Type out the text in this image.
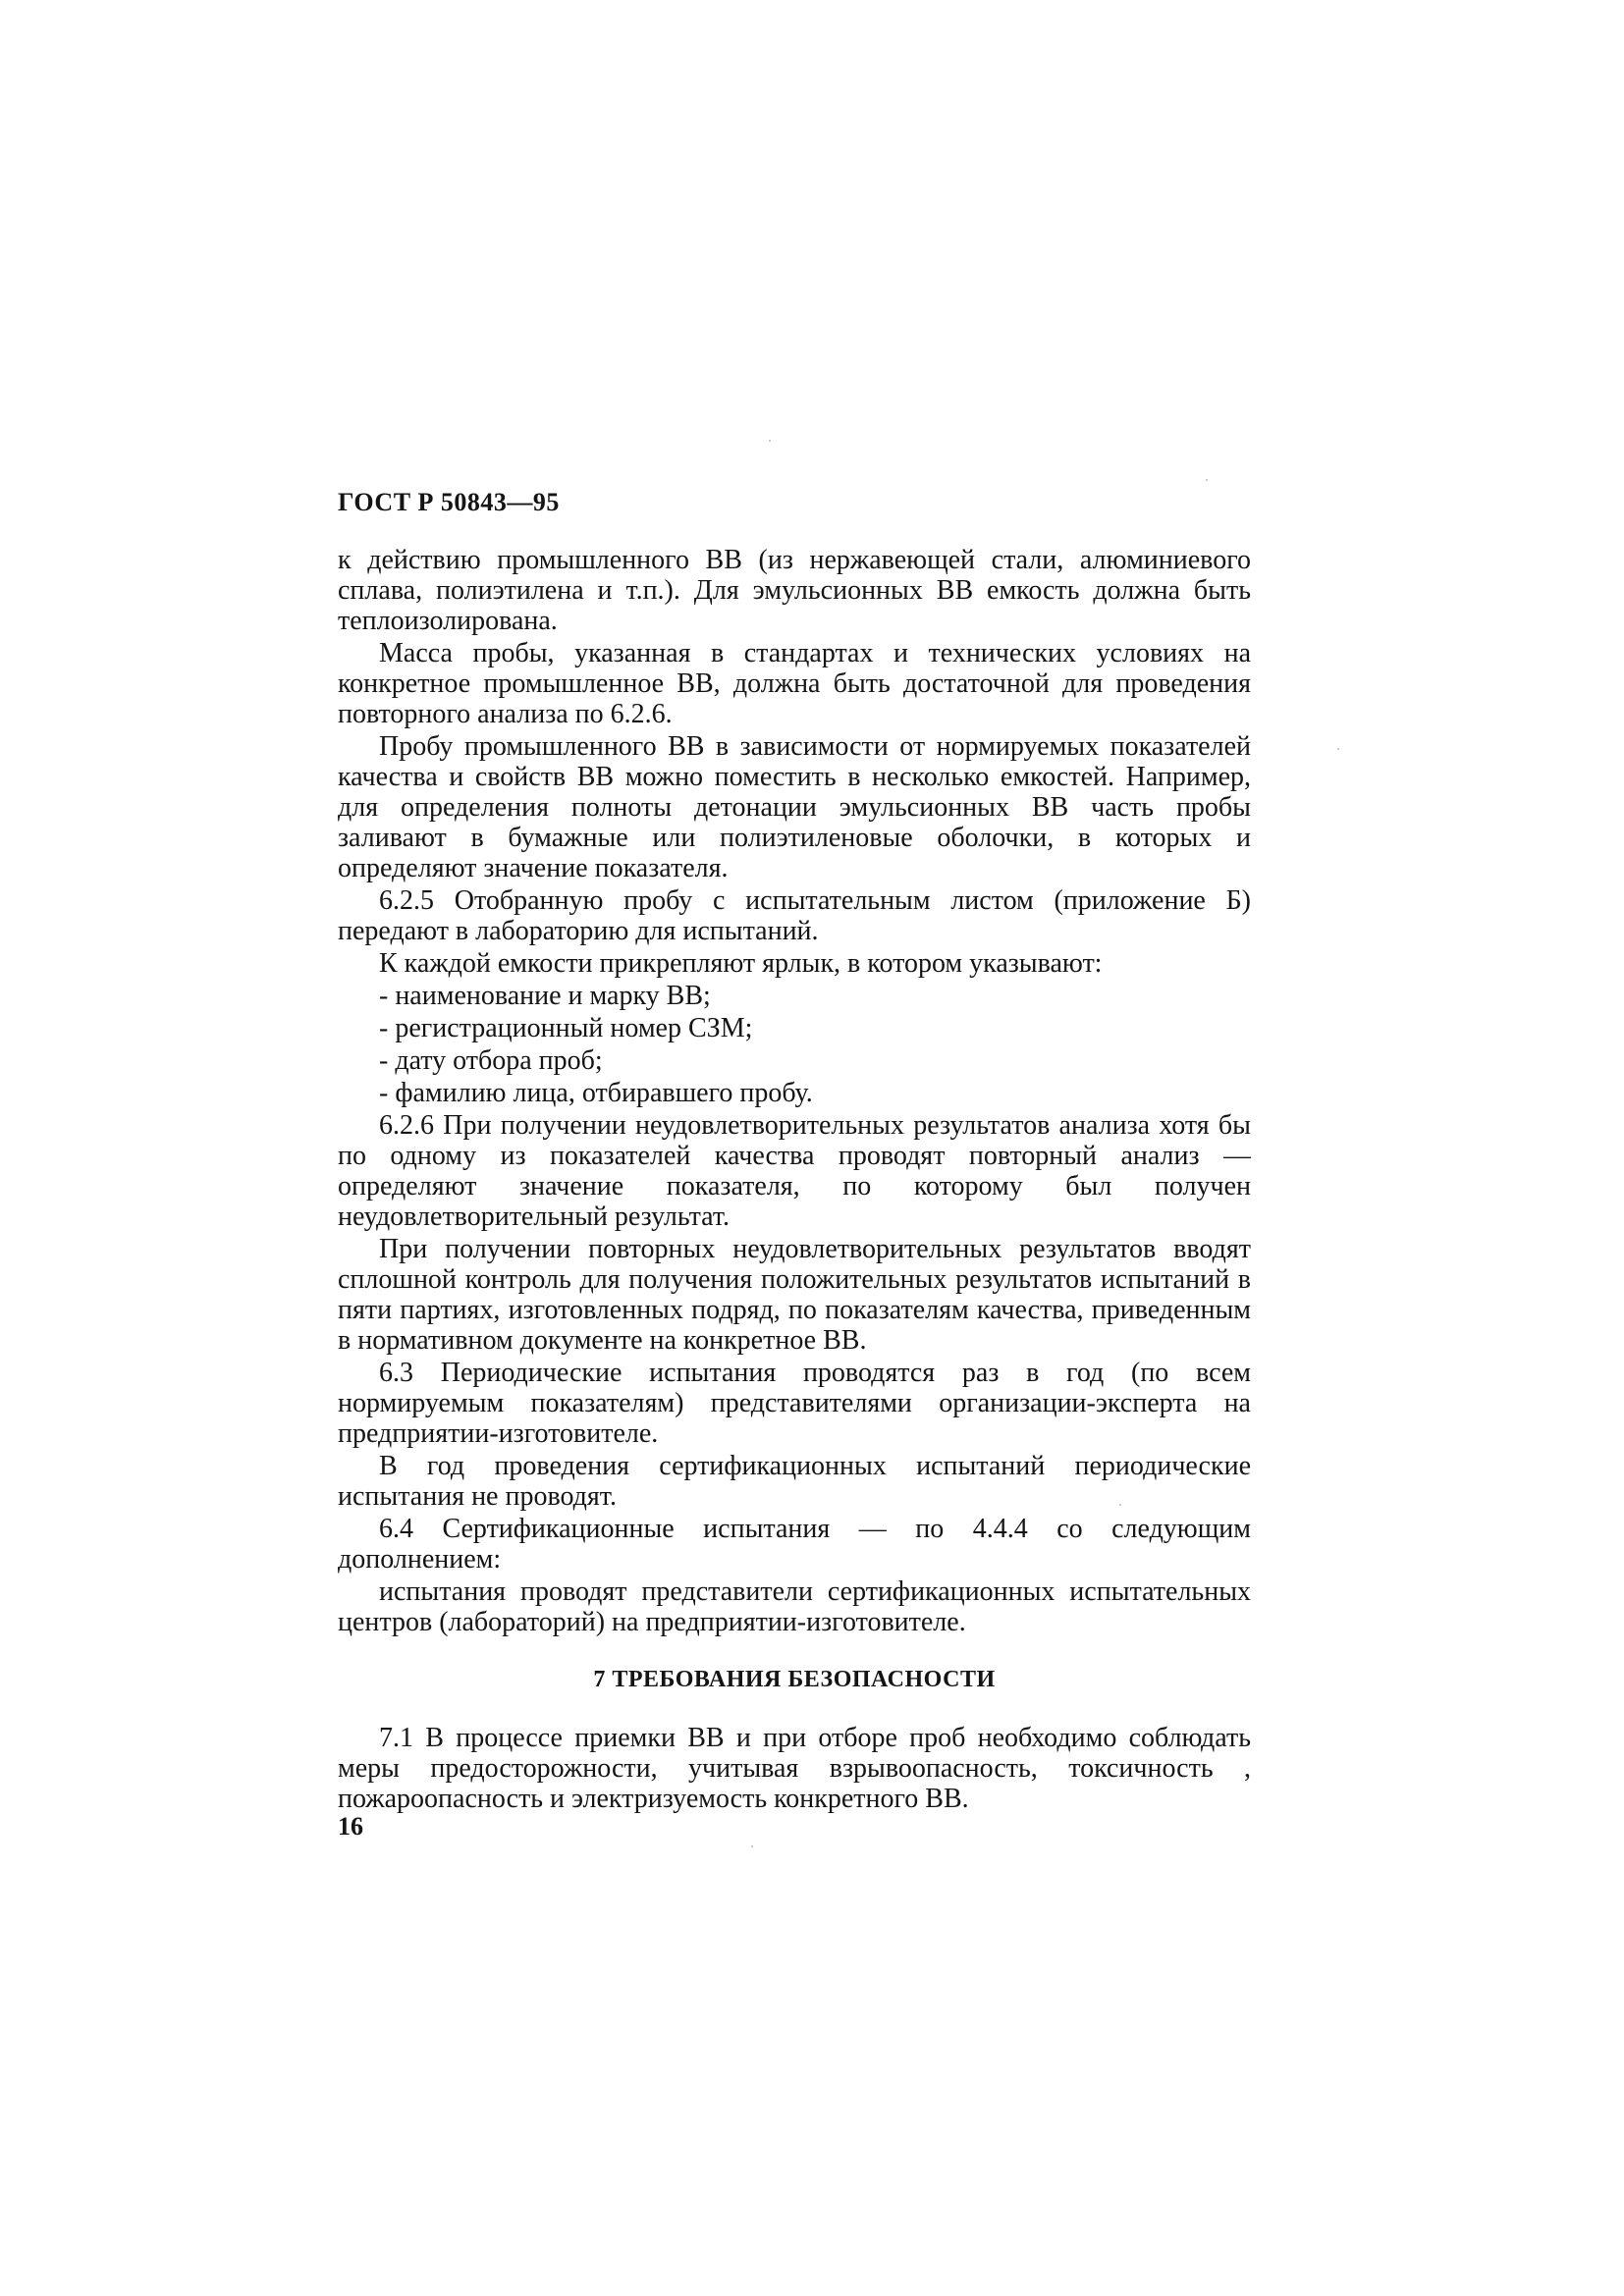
ГОСТ Р 50843—95

к действию промышленного ВВ (из нержавеющей стали, алюминиевого сплава, полиэтилена и т.п.). Для эмульсионных ВВ емкость должна быть теплоизолирована.

Масса пробы, указанная в стандартах и технических условиях на конкретное промышленное ВВ, должна быть достаточной для проведения повторного анализа по 6.2.6.

Пробу промышленного ВВ в зависимости от нормируемых показателей качества и свойств ВВ можно поместить в несколько емкостей. Например, для определения полноты детонации эмульсионных ВВ часть пробы заливают в бумажные или полиэтиленовые оболочки, в которых и определяют значение показателя.

6.2.5 Отобранную пробу с испытательным листом (приложение Б) передают в лабораторию для испытаний.

К каждой емкости прикрепляют ярлык, в котором указывают:

- наименование и марку ВВ;
- регистрационный номер СЗМ;
- дату отбора проб;
- фамилию лица, отбиравшего пробу.

6.2.6 При получении неудовлетворительных результатов анализа хотя бы по одному из показателей качества проводят повторный анализ — определяют значение показателя, по которому был получен неудовлетворительный результат.

При получении повторных неудовлетворительных результатов вводят сплошной контроль для получения положительных результатов испытаний в пяти партиях, изготовленных подряд, по показателям качества, приведенным в нормативном документе на конкретное ВВ.

6.3 Периодические испытания проводятся раз в год (по всем нормируемым показателям) представителями организации-эксперта на предприятии-изготовителе.

В год проведения сертификационных испытаний периодические испытания не проводят.

6.4 Сертификационные испытания — по 4.4.4 со следующим дополнением:

испытания проводят представители сертификационных испытательных центров (лабораторий) на предприятии-изготовителе.

7 ТРЕБОВАНИЯ БЕЗОПАСНОСТИ

7.1 В процессе приемки ВВ и при отборе проб необходимо соблюдать меры предосторожности, учитывая взрывоопасность, токсичность , пожароопасность и электризуемость конкретного ВВ.

16
